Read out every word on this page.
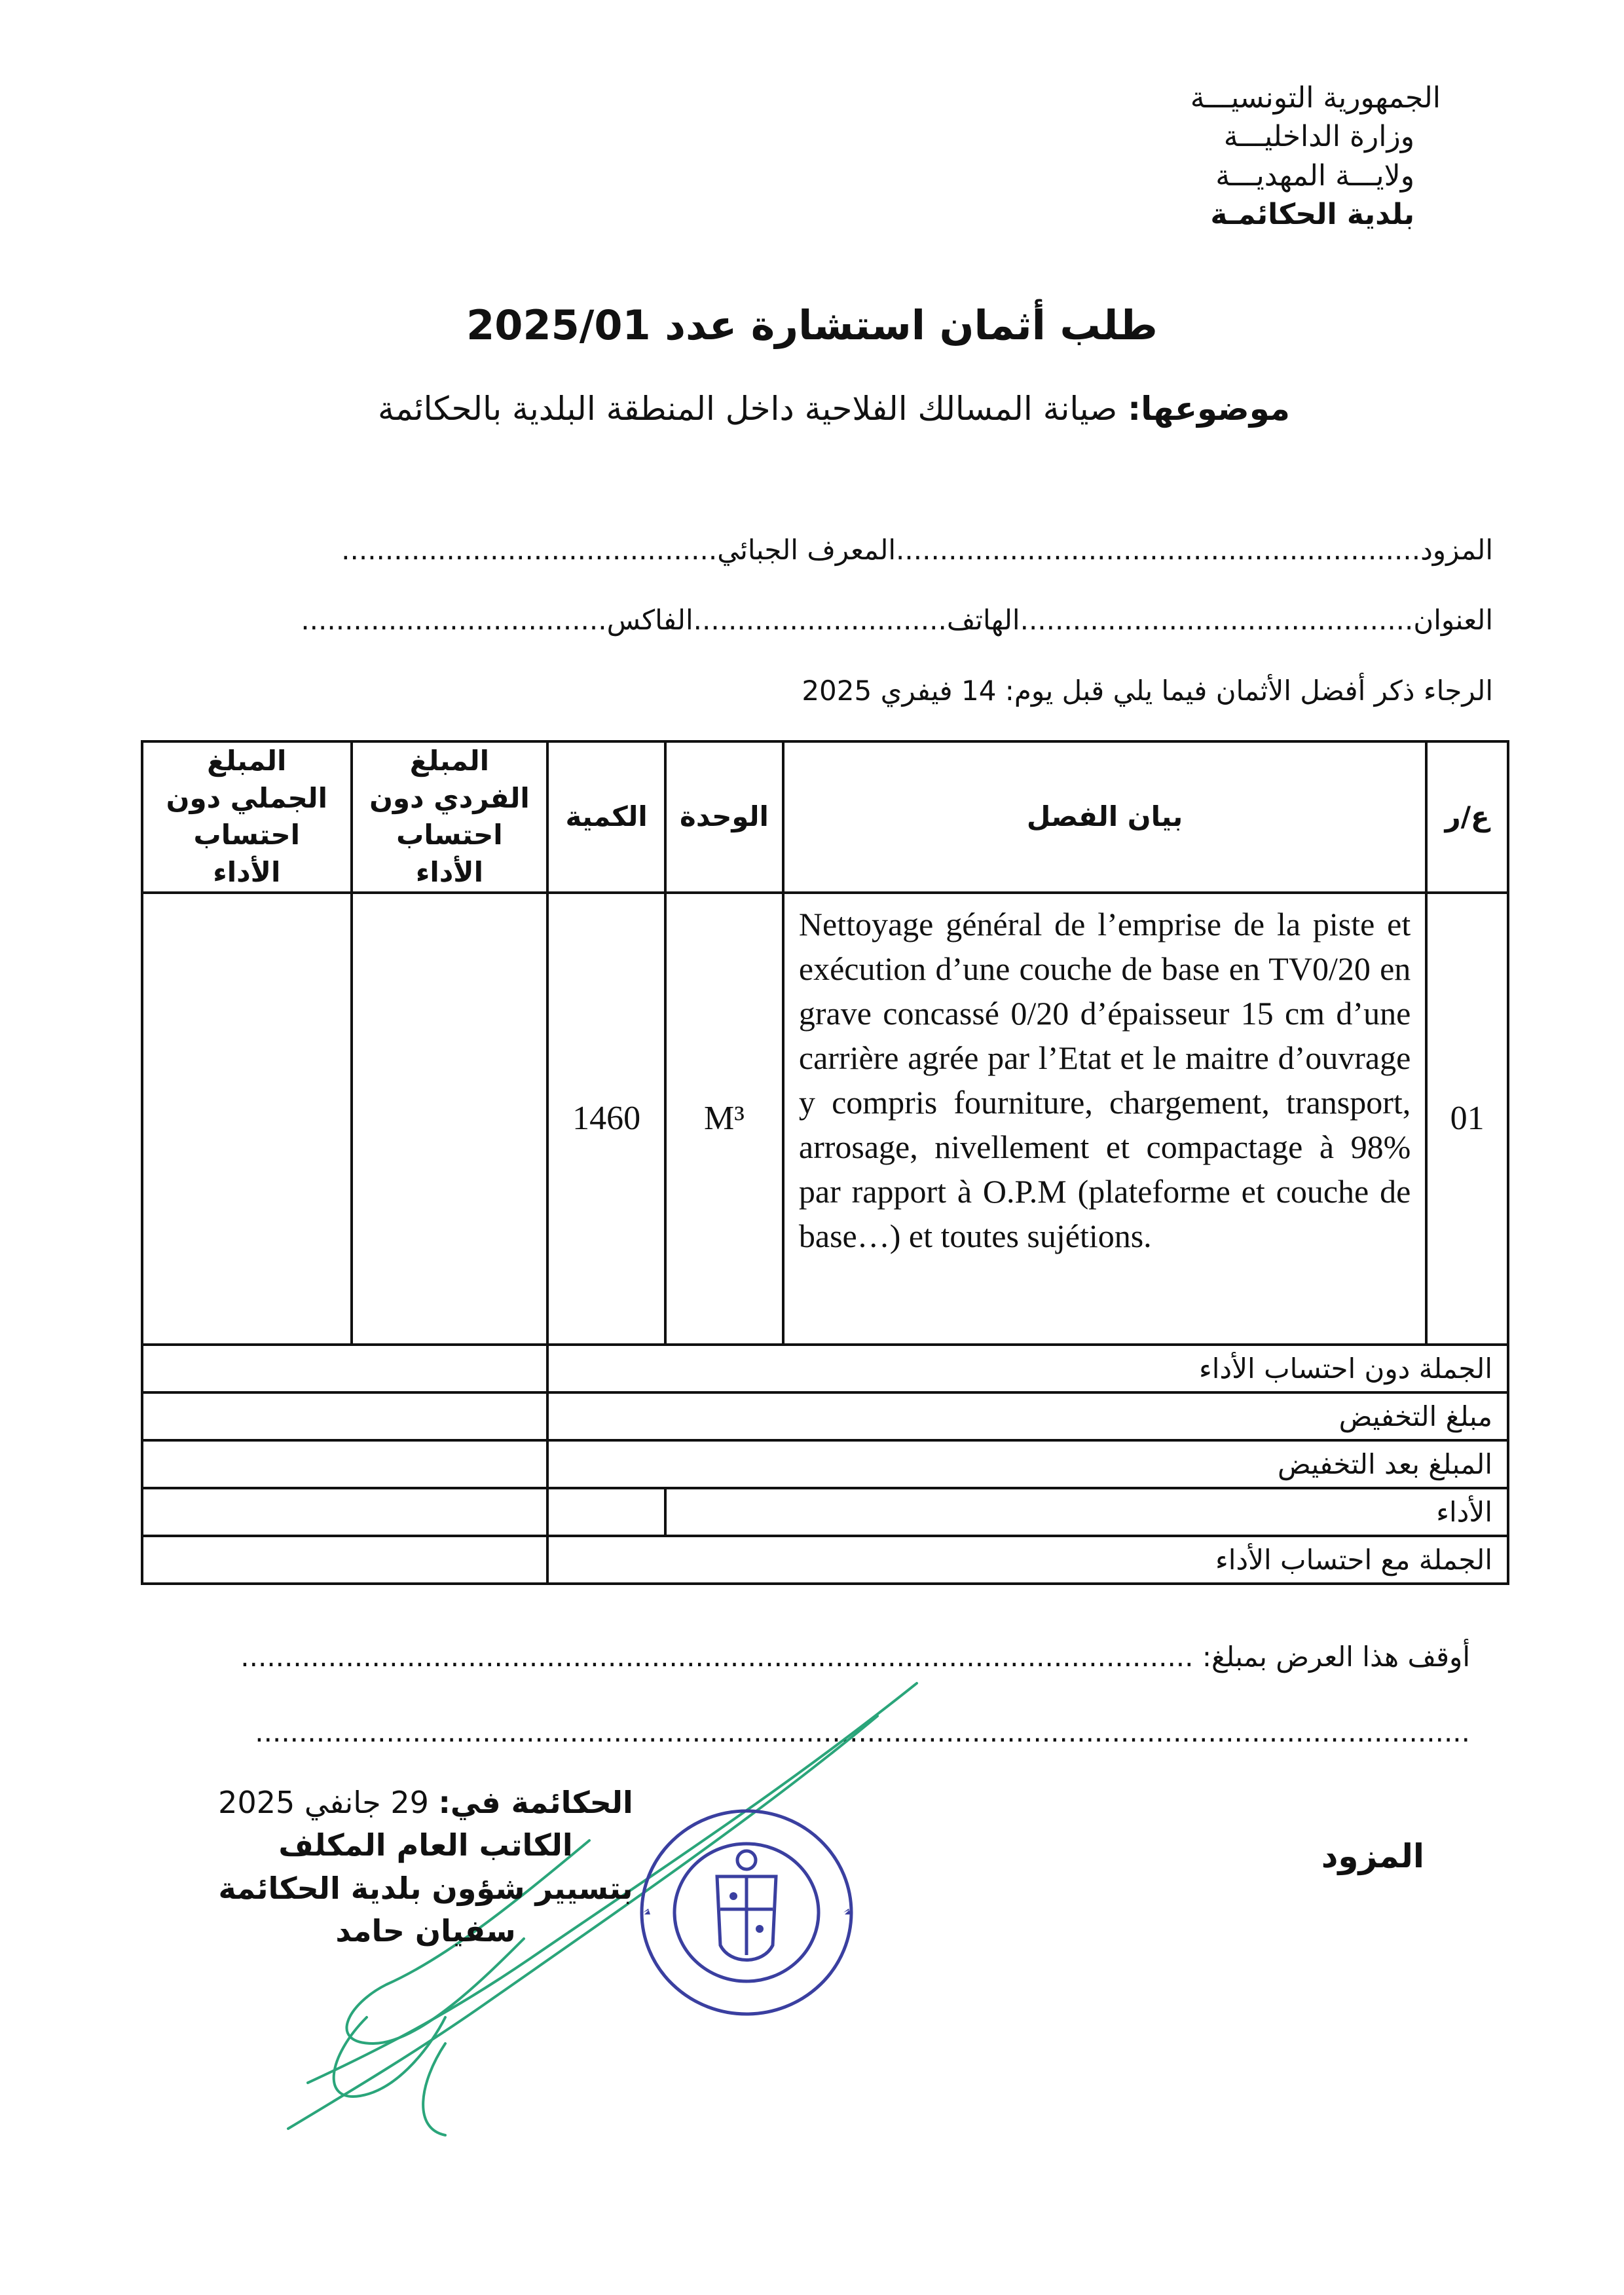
الجمهورية التونسيـــة
وزارة الداخليـــة
ولايـــة المهديـــة
بلدية الحكائمـة
طلب أثمان استشارة عدد 2025/01
موضوعها: صيانة المسالك الفلاحية داخل المنطقة البلدية بالحكائمة
المزود............................................................المعرف الجبائي...........................................
العنوان.............................................الهاتف.............................الفاكس...................................
الرجاء ذكر أفضل الأثمان فيما يلي قبل يوم: 14 فيفري 2025
ع/ر	بيان الفصل	الوحدة	الكمية	المبلغ الفردي دون احتساب الأداء	المبلغ الجملي دون احتساب الأداء
01	Nettoyage général de l’emprise de la piste et exécution d’une couche de base en TV0/20 en grave concassé 0/20 d’épaisseur 15 cm d’une carrière agrée par l’Etat et le maitre d’ouvrage y compris fourniture, chargement, transport, arrosage, nivellement et compactage à 98% par rapport à O.P.M (plateforme et couche de base…) et toutes sujétions.	M³	1460		
الجملة دون احتساب الأداء					
مبلغ التخفيض					
المبلغ بعد التخفيض					
الأداء					
الجملة مع احتساب الأداء					
أوقف هذا العرض بمبلغ: .............................................................................................................
...........................................................................................................................................
الحكائمة في: 29 جانفي 2025
الكاتب العام المكلف
بتسيير شؤون بلدية الحكائمة
سفيان حامد
المزود
